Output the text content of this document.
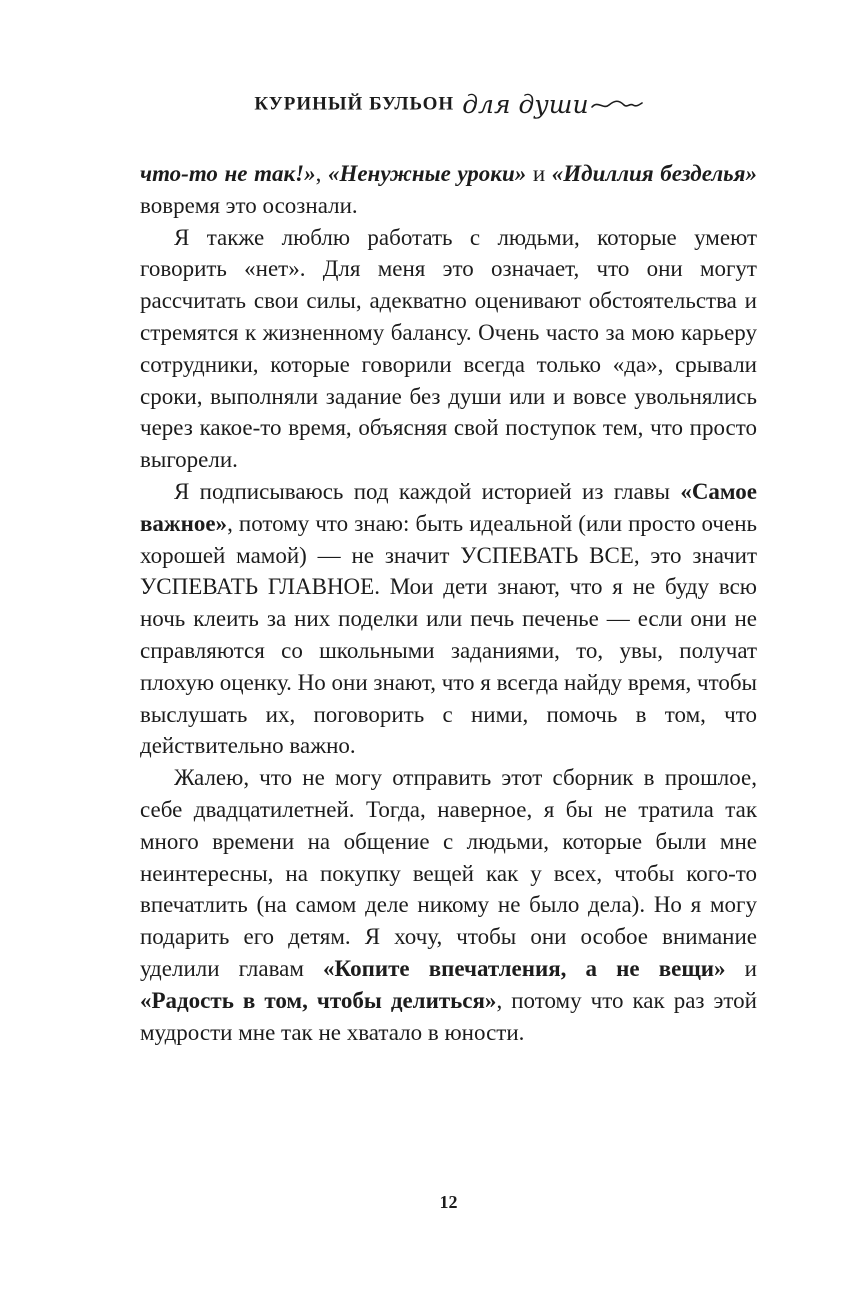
КУРИНЫЙ БУЛЬОН для души

что-то не так!», «Ненужные уроки» и «Идиллия безделья» вовремя это осознали.

Я также люблю работать с людьми, которые умеют говорить «нет». Для меня это означает, что они могут рассчитать свои силы, адекватно оценивают обстоятельства и стремятся к жизненному балансу. Очень часто за мою карьеру сотрудники, которые говорили всегда только «да», срывали сроки, выполняли задание без души или и вовсе увольнялись через какое-то время, объясняя свой поступок тем, что просто выгорели.

Я подписываюсь под каждой историей из главы «Самое важное», потому что знаю: быть идеальной (или просто очень хорошей мамой) — не значит УСПЕВАТЬ ВСЕ, это значит УСПЕВАТЬ ГЛАВНОЕ. Мои дети знают, что я не буду всю ночь клеить за них поделки или печь печенье — если они не справляются со школьными заданиями, то, увы, получат плохую оценку. Но они знают, что я всегда найду время, чтобы выслушать их, поговорить с ними, помочь в том, что действительно важно.

Жалею, что не могу отправить этот сборник в прошлое, себе двадцатилетней. Тогда, наверное, я бы не тратила так много времени на общение с людьми, которые были мне неинтересны, на покупку вещей как у всех, чтобы кого-то впечатлить (на самом деле никому не было дела). Но я могу подарить его детям. Я хочу, чтобы они особое внимание уделили главам «Копите впечатления, а не вещи» и «Радость в том, чтобы делиться», потому что как раз этой мудрости мне так не хватало в юности.

12
